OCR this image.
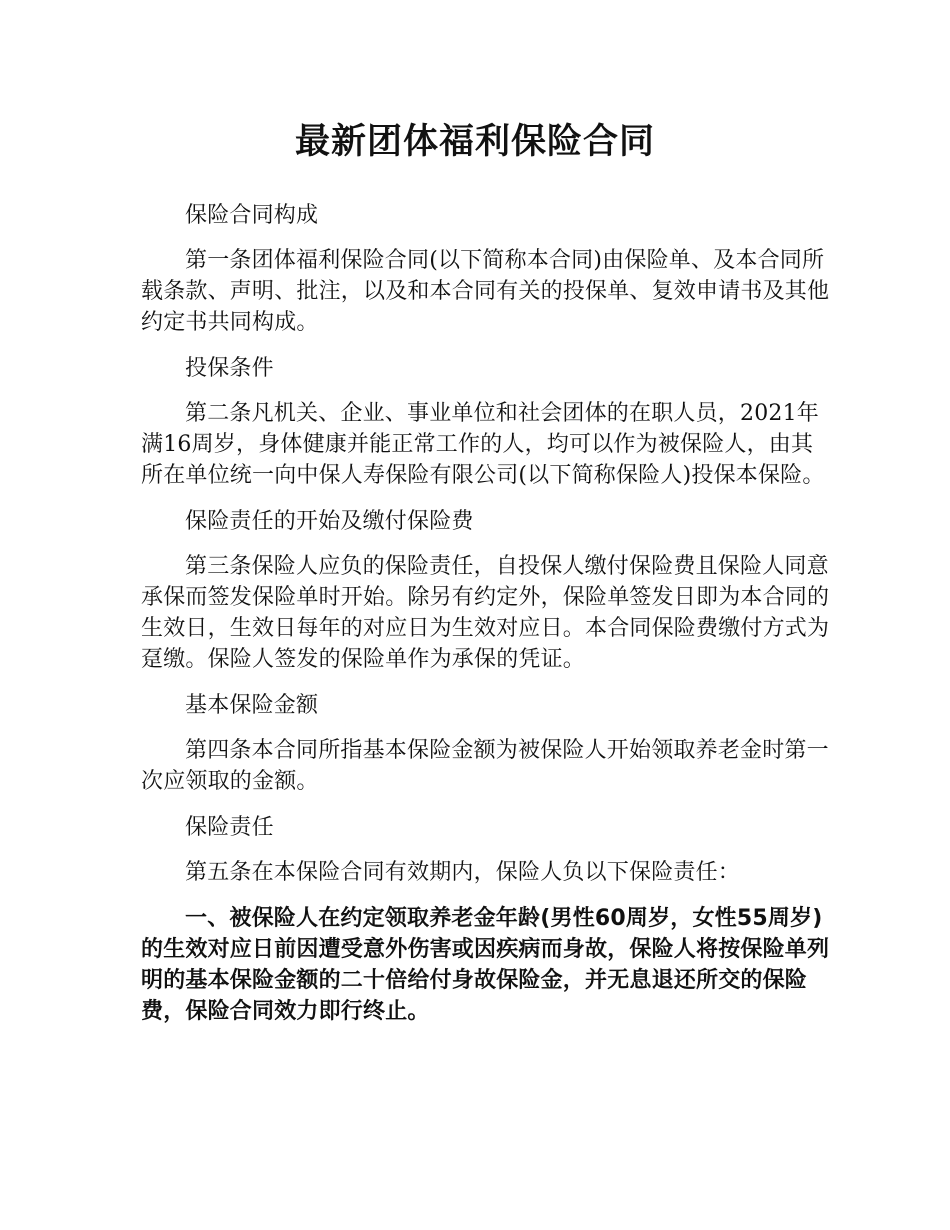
最新团体福利保险合同

保险合同构成

第一条团体福利保险合同(以下简称本合同)由保险单、及本合同所载条款、声明、批注，以及和本合同有关的投保单、复效申请书及其他约定书共同构成。

投保条件

第二条凡机关、企业、事业单位和社会团体的在职人员，2021年满16周岁，身体健康并能正常工作的人，均可以作为被保险人，由其所在单位统一向中保人寿保险有限公司(以下简称保险人)投保本保险。

保险责任的开始及缴付保险费

第三条保险人应负的保险责任，自投保人缴付保险费且保险人同意承保而签发保险单时开始。除另有约定外，保险单签发日即为本合同的生效日，生效日每年的对应日为生效对应日。本合同保险费缴付方式为趸缴。保险人签发的保险单作为承保的凭证。

基本保险金额

第四条本合同所指基本保险金额为被保险人开始领取养老金时第一次应领取的金额。

保险责任

第五条在本保险合同有效期内，保险人负以下保险责任：

一、被保险人在约定领取养老金年龄(男性60周岁，女性55周岁)的生效对应日前因遭受意外伤害或因疾病而身故，保险人将按保险单列明的基本保险金额的二十倍给付身故保险金，并无息退还所交的保险费，保险合同效力即行终止。
